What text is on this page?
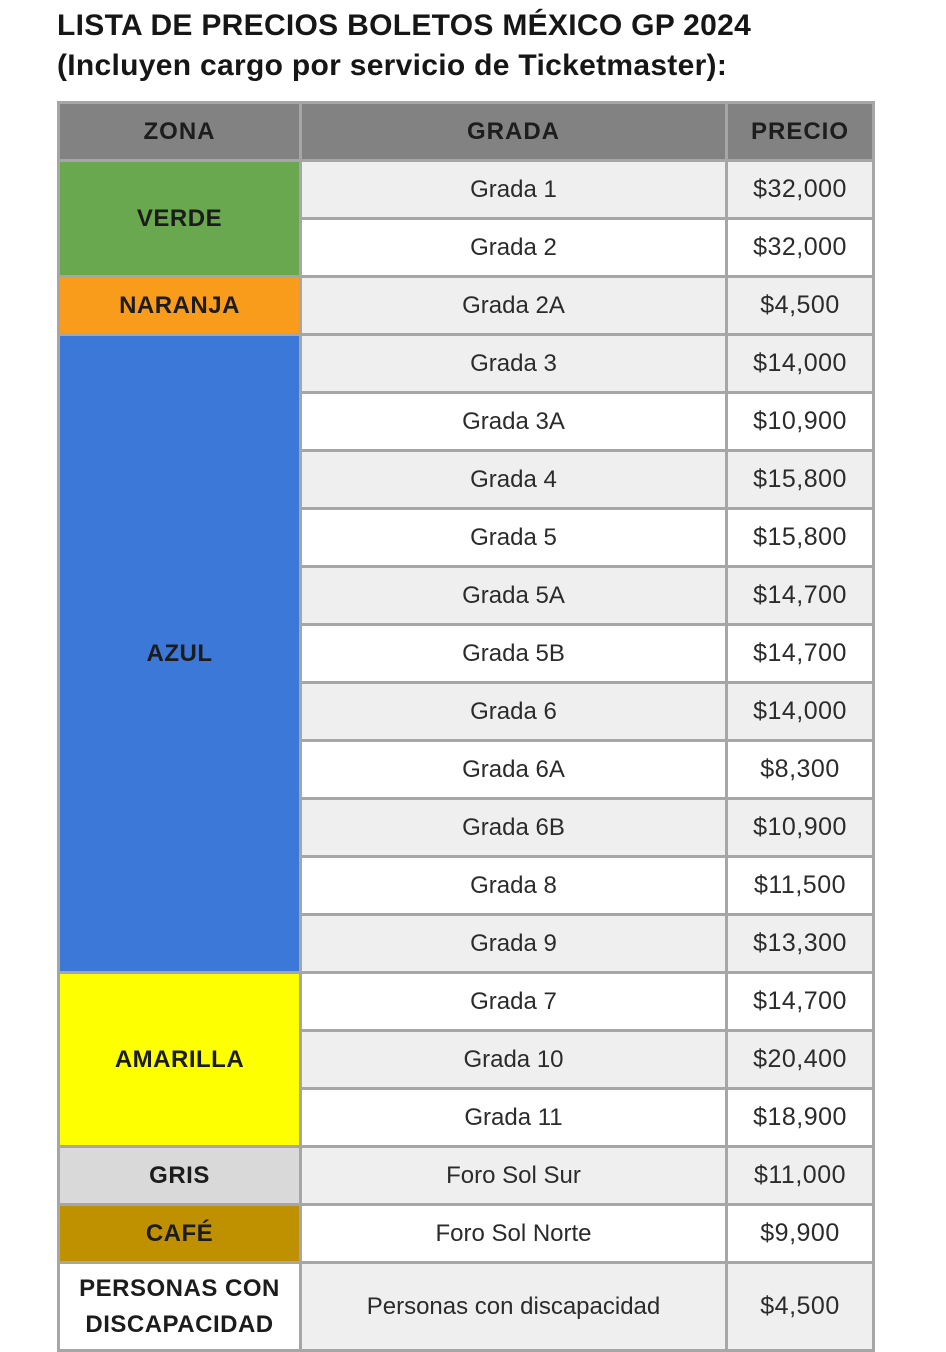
LISTA DE PRECIOS BOLETOS MÉXICO GP 2024
(Incluyen cargo por servicio de Ticketmaster):
ZONA	GRADA	PRECIO
VERDE	Grada 1	$32,000
	Grada 2	$32,000
NARANJA	Grada 2A	$4,500
AZUL	Grada 3	$14,000
	Grada 3A	$10,900
	Grada 4	$15,800
	Grada 5	$15,800
	Grada 5A	$14,700
	Grada 5B	$14,700
	Grada 6	$14,000
	Grada 6A	$8,300
	Grada 6B	$10,900
	Grada 8	$11,500
	Grada 9	$13,300
AMARILLA	Grada 7	$14,700
	Grada 10	$20,400
	Grada 11	$18,900
GRIS	Foro Sol Sur	$11,000
CAFÉ	Foro Sol Norte	$9,900
PERSONAS CON DISCAPACIDAD	Personas con discapacidad	$4,500
